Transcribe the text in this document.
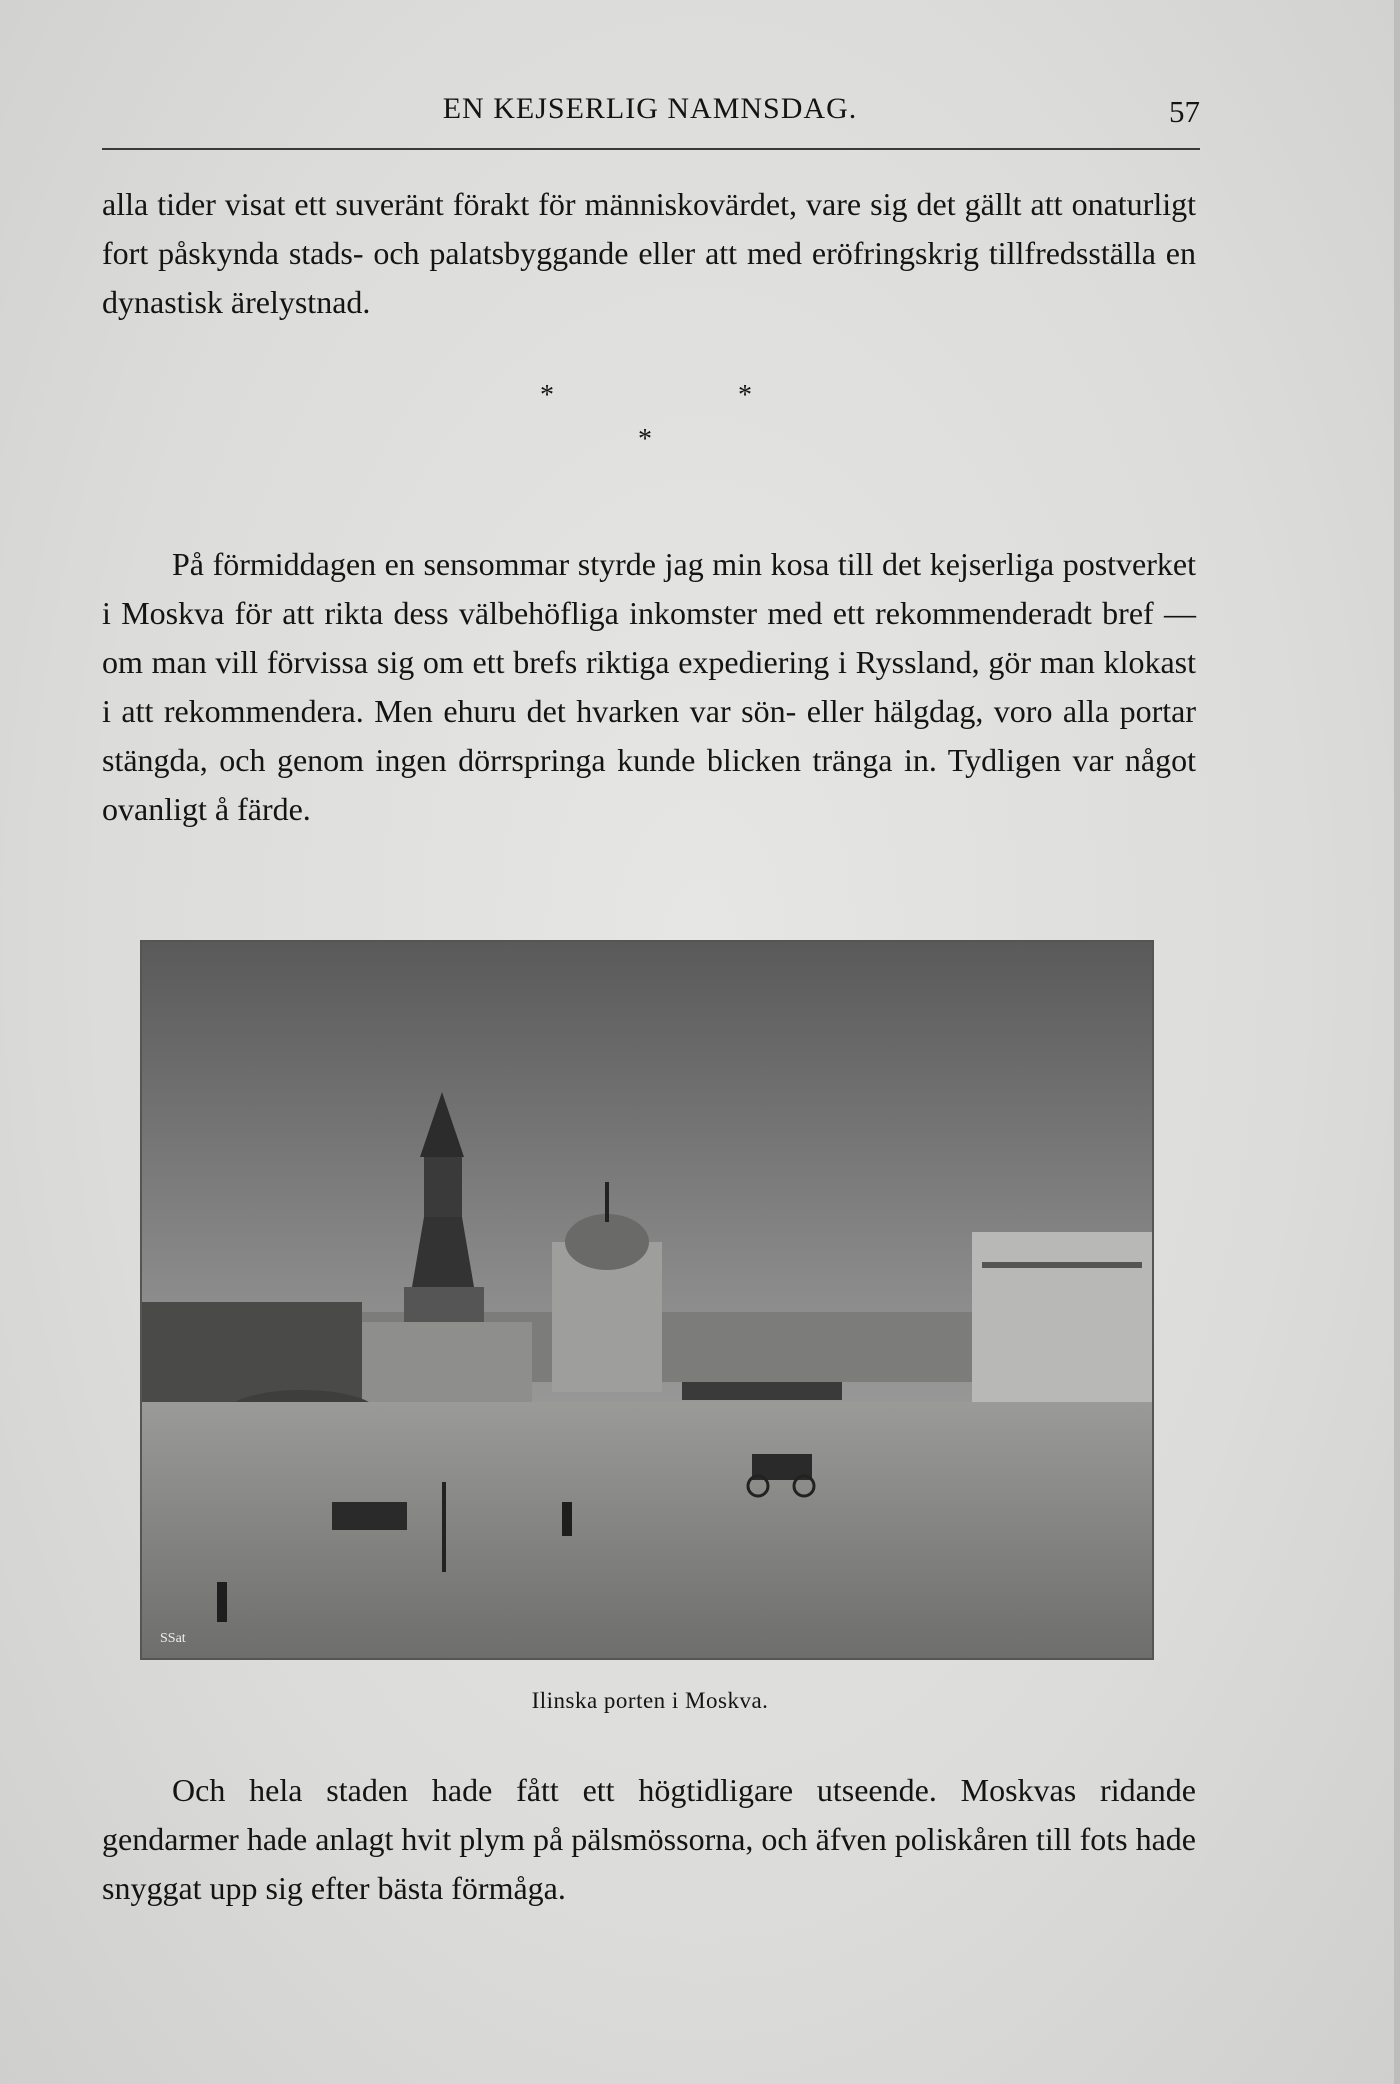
EN KEJSERLIG NAMNSDAG.	57

alla tider visat ett suveränt förakt för människovärdet, vare sig det gällt att onaturligt fort påskynda stads- och palatsbyggande eller att med eröfringskrig tillfredsställa en dynastisk ärelystnad.

*	*
*

På förmiddagen en sensommar styrde jag min kosa till det kejserliga postverket i Moskva för att rikta dess välbehöfliga inkomster med ett rekommenderadt bref — om man vill förvissa sig om ett brefs riktiga expediering i Ryssland, gör man klokast i att rekommendera. Men ehuru det hvarken var sön- eller hälgdag, voro alla portar stängda, och genom ingen dörrspringa kunde blicken tränga in. Tydligen var något ovanligt å färde.

SSat
Ilinska porten i Moskva.

Och hela staden hade fått ett högtidligare utseende. Moskvas ridande gendarmer hade anlagt hvit plym på pälsmössorna, och äfven poliskåren till fots hade snyggat upp sig efter bästa förmåga.
